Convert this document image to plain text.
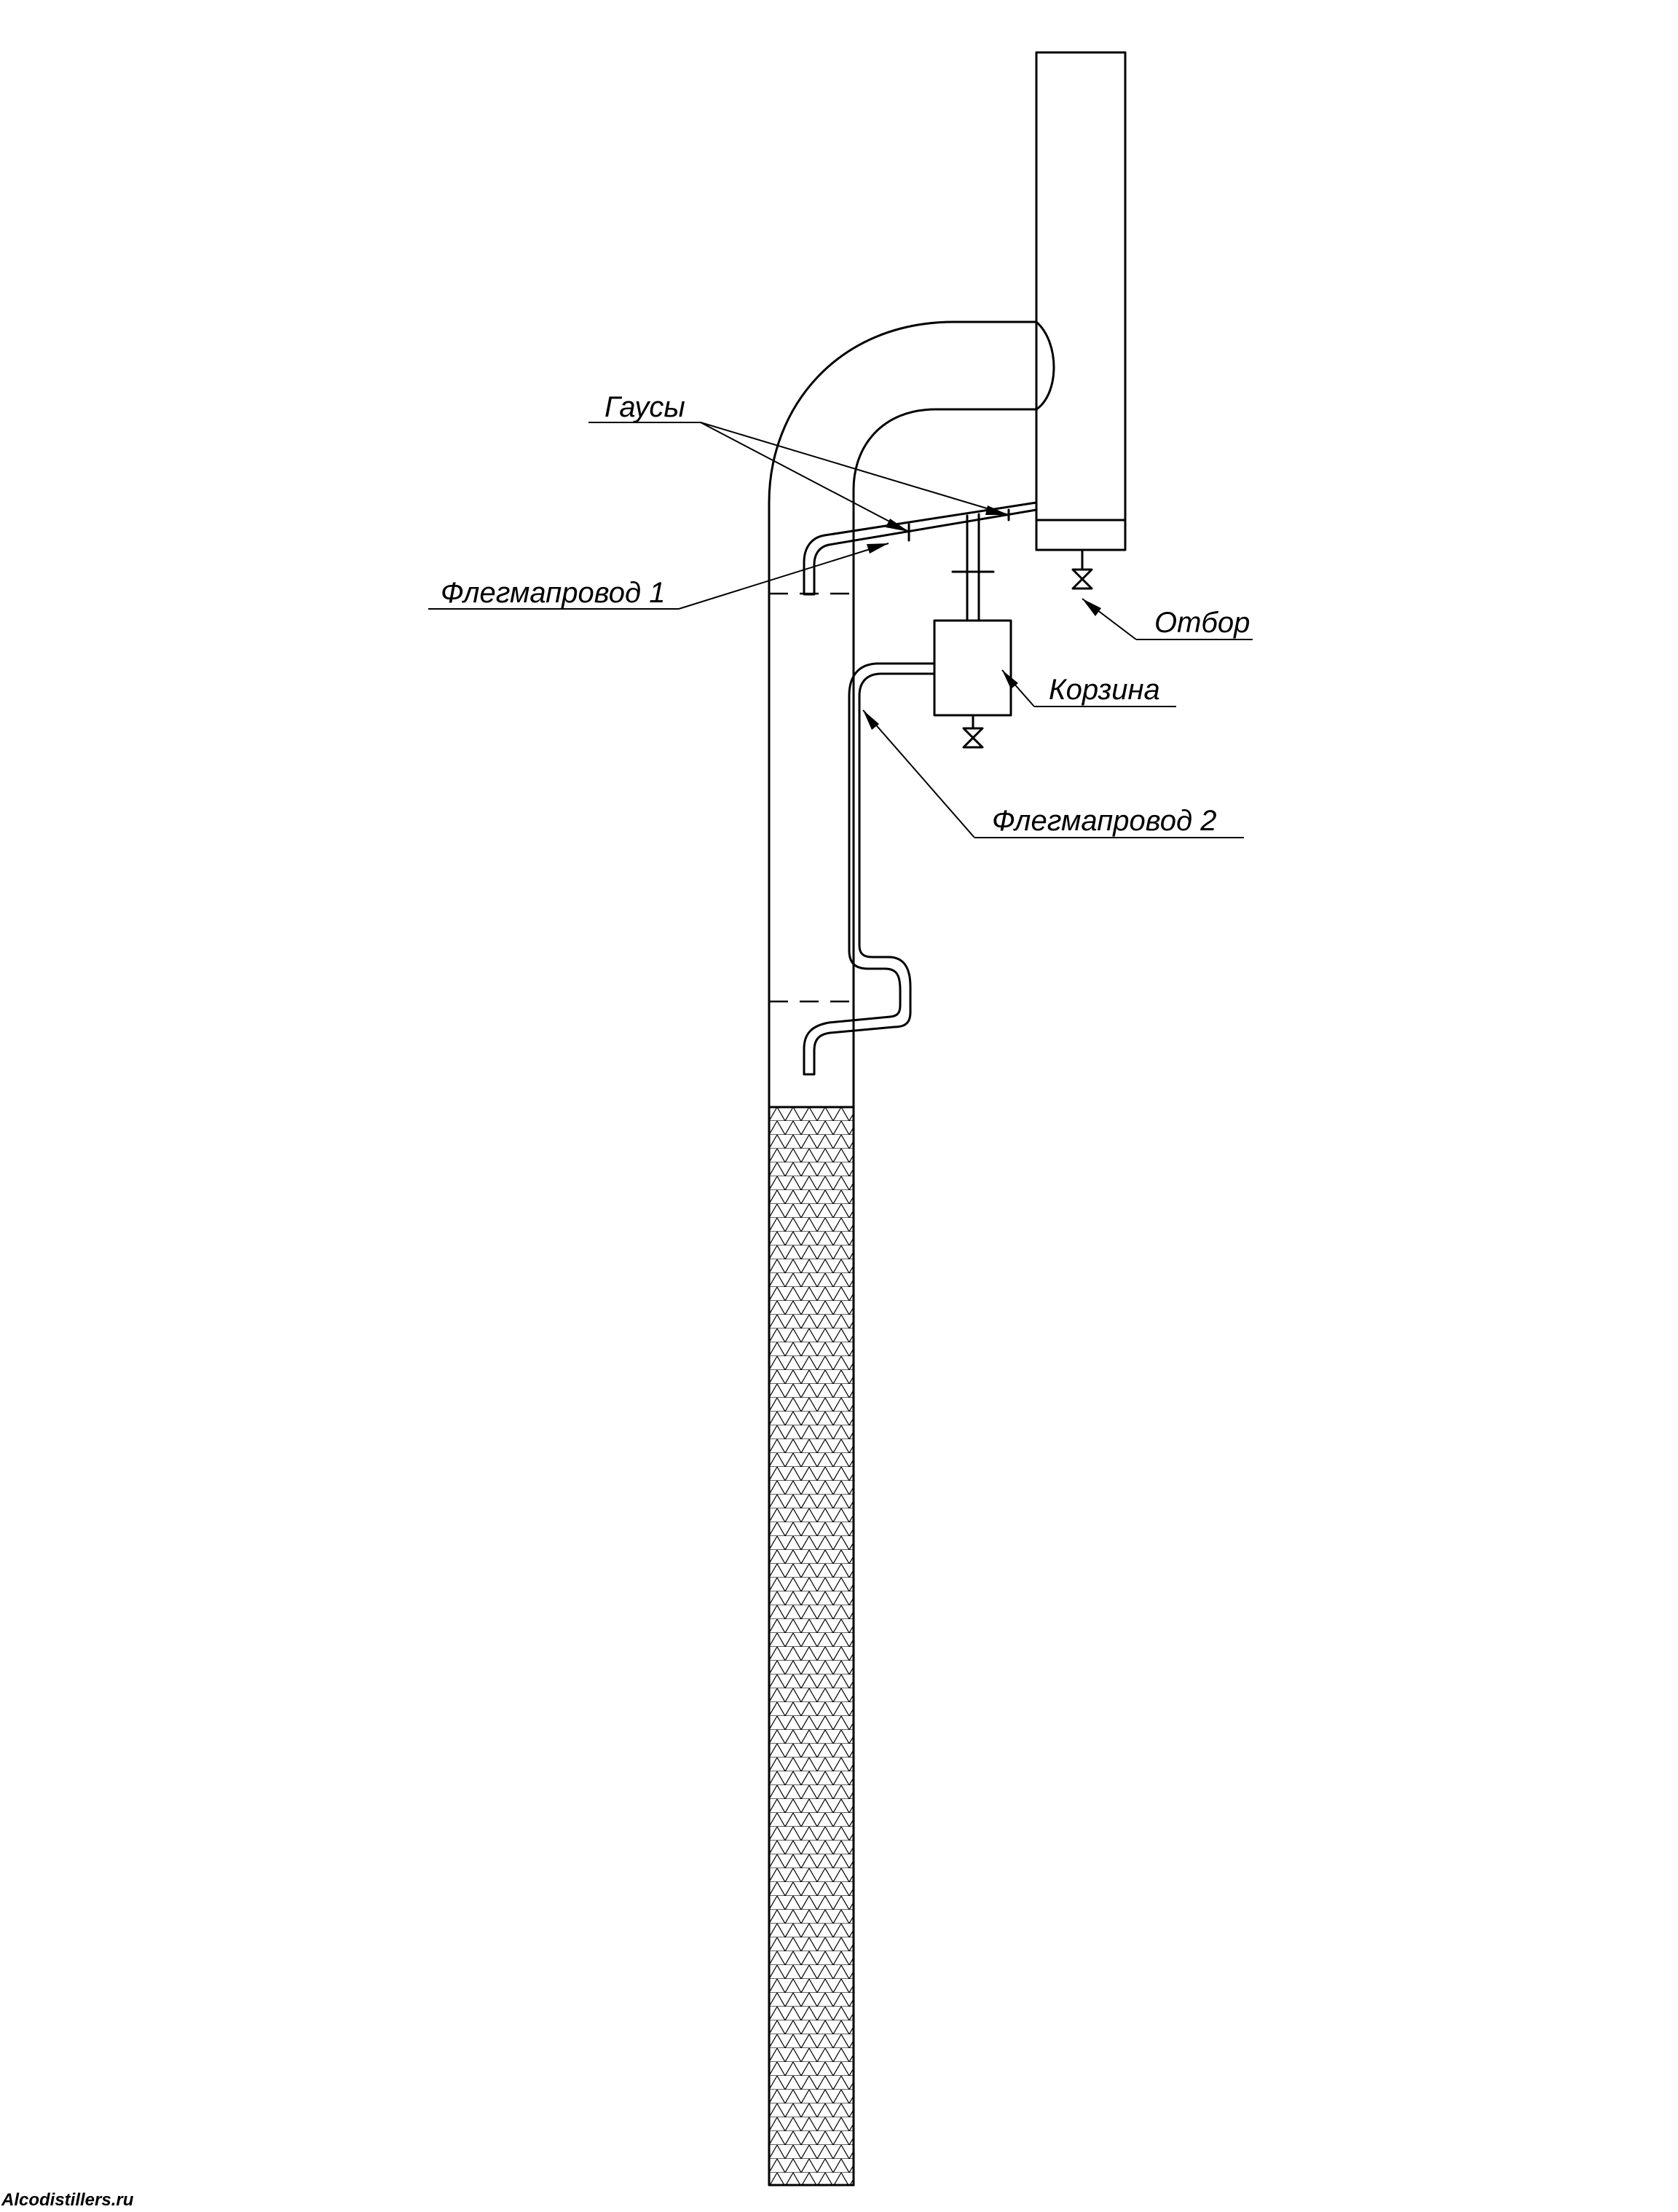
Гаусы
Флегмапровод 1
Отбор
Корзина
Флегмапровод 2
Alcodistillers.ru
